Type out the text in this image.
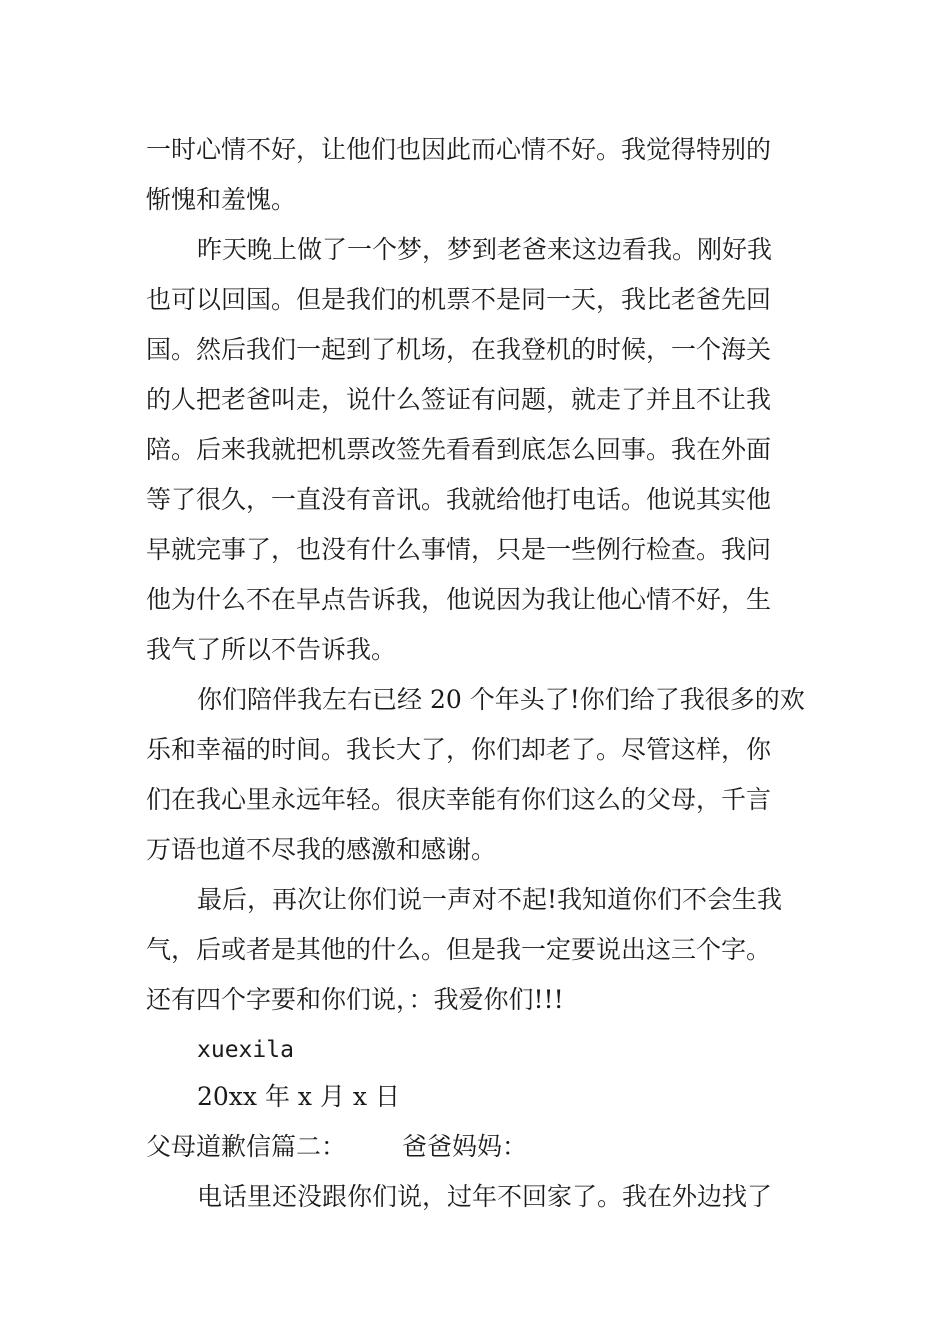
一时心情不好，让他们也因此而心情不好。我觉得特别的
惭愧和羞愧。
昨天晚上做了一个梦，梦到老爸来这边看我。刚好我
也可以回国。但是我们的机票不是同一天，我比老爸先回
国。然后我们一起到了机场，在我登机的时候，一个海关
的人把老爸叫走，说什么签证有问题，就走了并且不让我
陪。后来我就把机票改签先看看到底怎么回事。我在外面
等了很久，一直没有音讯。我就给他打电话。他说其实他
早就完事了，也没有什么事情，只是一些例行检查。我问
他为什么不在早点告诉我，他说因为我让他心情不好，生
我气了所以不告诉我。
你们陪伴我左右已经 20 个年头了!你们给了我很多的欢
乐和幸福的时间。我长大了，你们却老了。尽管这样，你
们在我心里永远年轻。很庆幸能有你们这么的父母，千言
万语也道不尽我的感激和感谢。
最后，再次让你们说一声对不起!我知道你们不会生我
气，后或者是其他的什么。但是我一定要说出这三个字。
还有四个字要和你们说，：我爱你们!!!
xuexila
20xx 年 x 月 x 日
父母道歉信篇二： 爸爸妈妈：
电话里还没跟你们说，过年不回家了。我在外边找了
